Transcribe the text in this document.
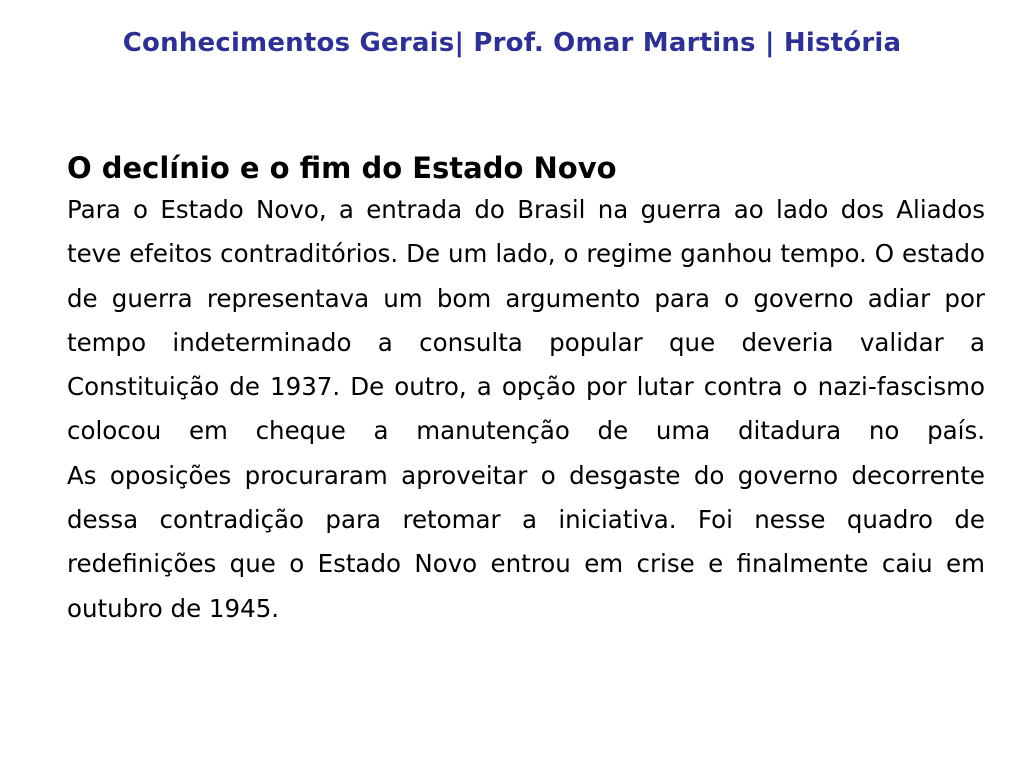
Conhecimentos Gerais| Prof. Omar Martins | História
O declínio e o fim do Estado Novo

Para o Estado Novo, a entrada do Brasil na guerra ao lado dos Aliados teve efeitos contraditórios. De um lado, o regime ganhou tempo. O estado de guerra representava um bom argumento para o governo adiar por tempo indeterminado a consulta popular que deveria validar a Constituição de 1937. De outro, a opção por lutar contra o nazi-fascismo colocou em cheque a manutenção de uma ditadura no país.

As oposições procuraram aproveitar o desgaste do governo decorrente dessa contradição para retomar a iniciativa. Foi nesse quadro de redefinições que o Estado Novo entrou em crise e finalmente caiu em outubro de 1945.
